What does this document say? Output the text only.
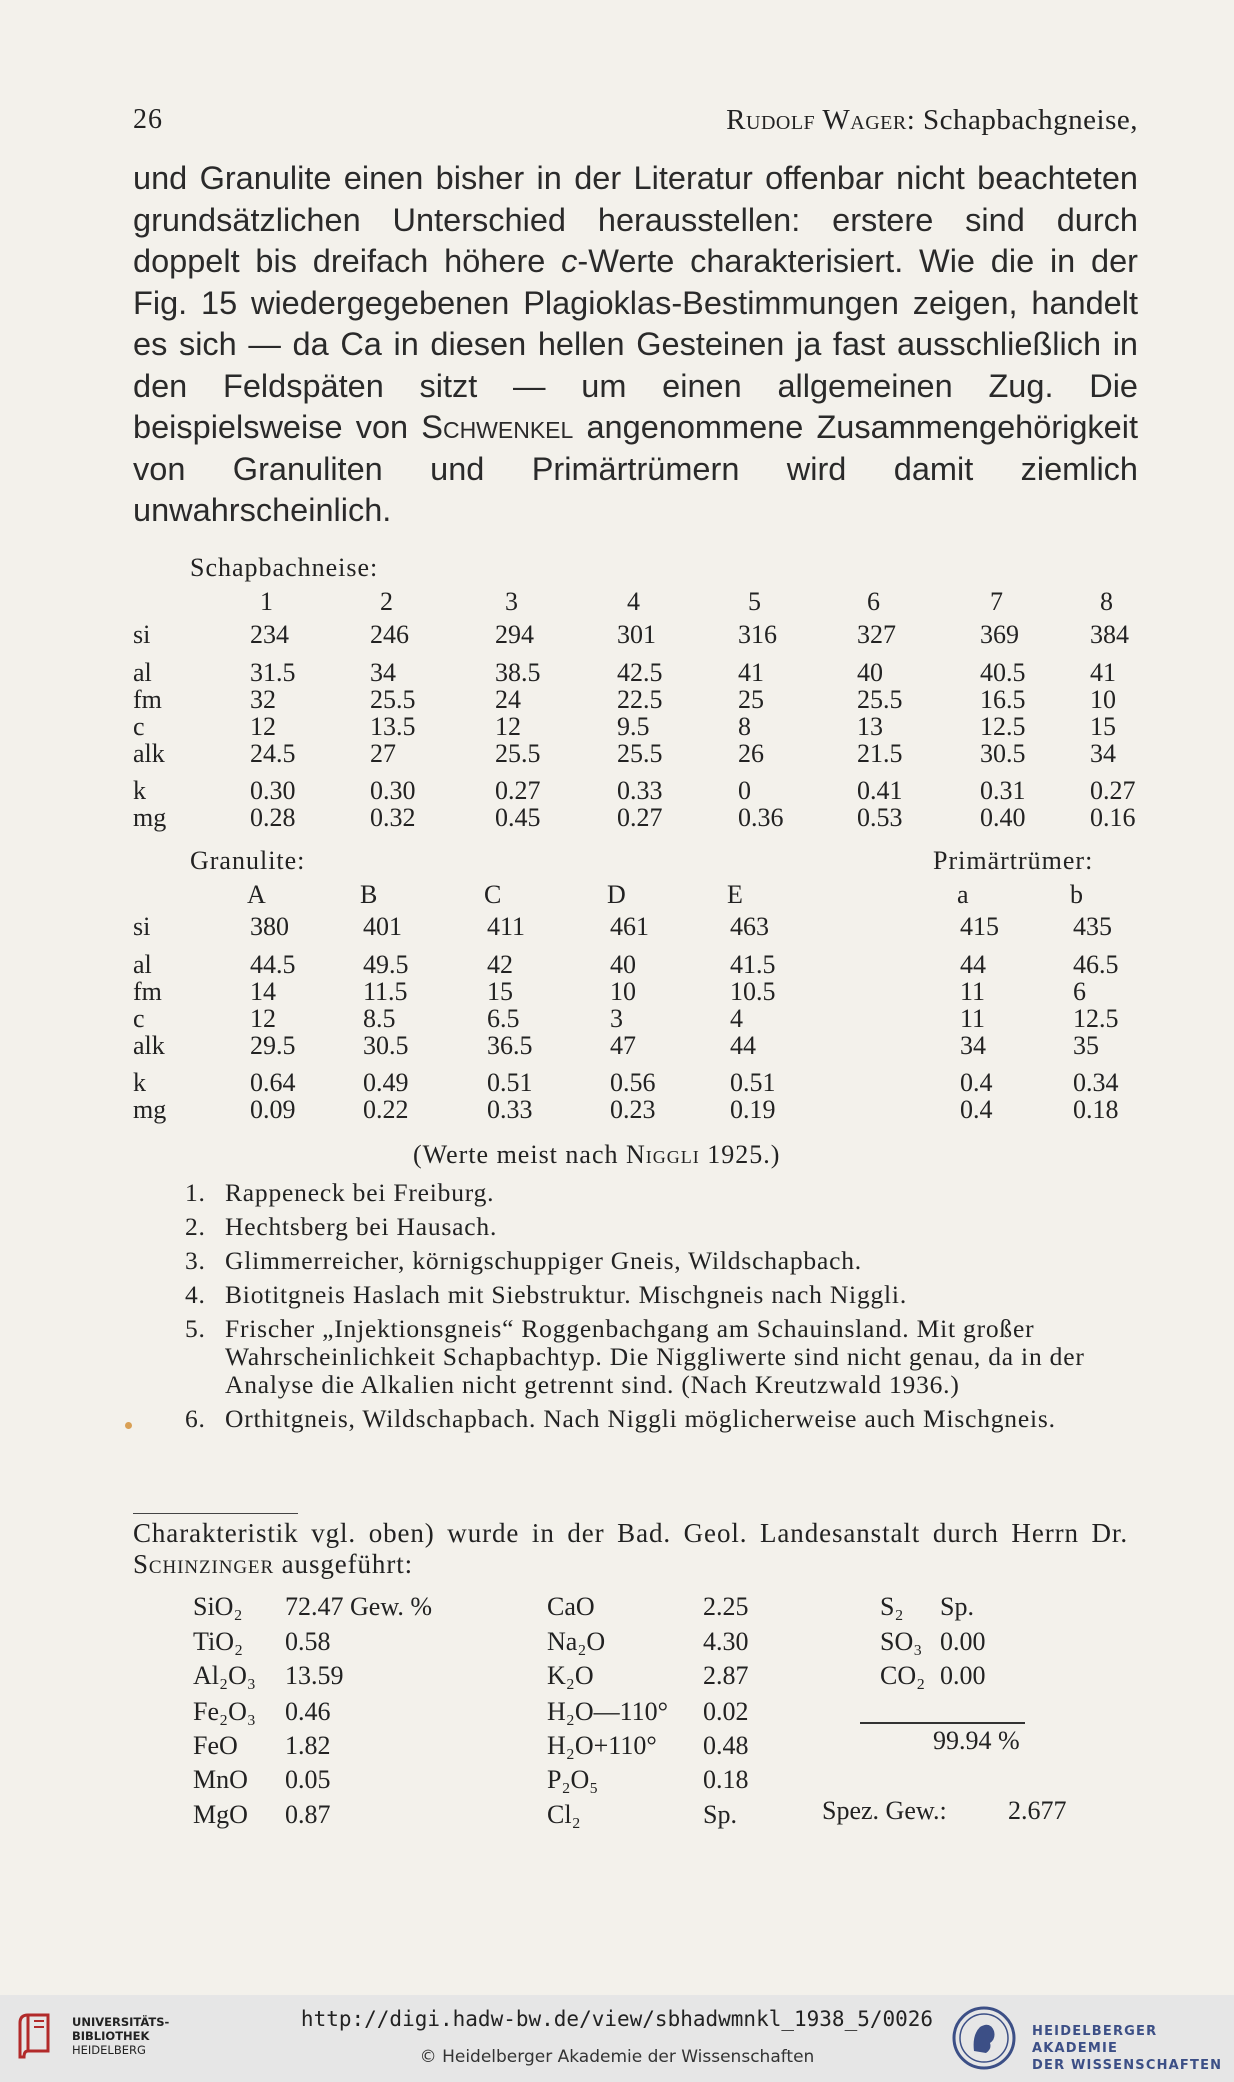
26	Rudolf Wager: Schapbachgneise,

und Granulite einen bisher in der Literatur offenbar nicht beachteten grundsätzlichen Unterschied herausstellen: erstere sind durch doppelt bis dreifach höhere c-Werte charakterisiert. Wie die in der Fig. 15 wiedergegebenen Plagioklas-Bestimmungen zeigen, handelt es sich — da Ca in diesen hellen Gesteinen ja fast ausschließlich in den Feldspäten sitzt — um einen allgemeinen Zug. Die beispielsweise von Schwenkel angenommene Zusammengehörigkeit von Granuliten und Primärtrümern wird damit ziemlich unwahrscheinlich.

Schapbachneise:
1	2	3	4	5	6	7	8
si	234	246	294	301	316	327	369	384
al	31.5	34	38.5	42.5	41	40	40.5 41
fm	32	25.5	24	22.5	25	25.5	16.5 10
c	12	13.5	12	9.5	8	13	12.5 15
alk	24.5	27	25.5	25.5	26	21.5	30.5 34
k	0.30	0.30	0.27	0.33	0	0.41	0.31 0.27
mg	0.28	0.32	0.45	0.27	0.36	0.53	0.40 0.16
Granulite:	Primärtrümer:
A	B	C	D	E	a	b
si	380	401	411	461	463	415	435
al	44.5	49.5	42	40	41.5	44	46.5
fm	14	11.5	15	10	10.5	11	6
c	12	8.5	6.5	3	4	11	12.5
alk	29.5	30.5	36.5	47	44	34	35
k	0.64	0.49	0.51	0.56	0.51	0.4	0.34
mg	0.09	0.22	0.33	0.23	0.19	0.4	0.18
(Werte meist nach Niggli 1925.)
1. Rappeneck bei Freiburg.
2. Hechtsberg bei Hausach.
3. Glimmerreicher, körnigschuppiger Gneis, Wildschapbach.
4. Biotitgneis Haslach mit Siebstruktur. Mischgneis nach Niggli.
5. Frischer „Injektionsgneis“ Roggenbachgang am Schauinsland. Mit großer Wahrscheinlichkeit Schapbachtyp. Die Niggliwerte sind nicht genau, da in der Analyse die Alkalien nicht getrennt sind. (Nach Kreutzwald 1936.)
6. Orthitgneis, Wildschapbach. Nach Niggli möglicherweise auch Mischgneis.
Charakteristik vgl. oben) wurde in der Bad. Geol. Landesanstalt durch Herrn Dr. Schinzinger ausgeführt:
SiO₂ 72.47 Gew. %
TiO₂ 0.58
Al₂O₃ 13.59
Fe₂O₃ 0.46
FeO 1.82
MnO 0.05
MgO 0.87
CaO	2.25
Na₂O	4.30
K₂O	2.87
H₂O—110° 0.02
H₂O+110° 0.48
P₂O₅	0.18
Cl₂	Sp.
S₂ Sp.
SO₃ 0.00
CO₂ 0.00
99.94 %
Spez. Gew.: 2.677
UNIVERSITÄTS-
BIBLIOTHEK
HEIDELBERG
http://digi.hadw-bw.de/view/sbhadwmnkl_1938_5/0026
© Heidelberger Akademie der Wissenschaften
HEIDELBERGER AKADEMIE
DER WISSENSCHAFTEN
